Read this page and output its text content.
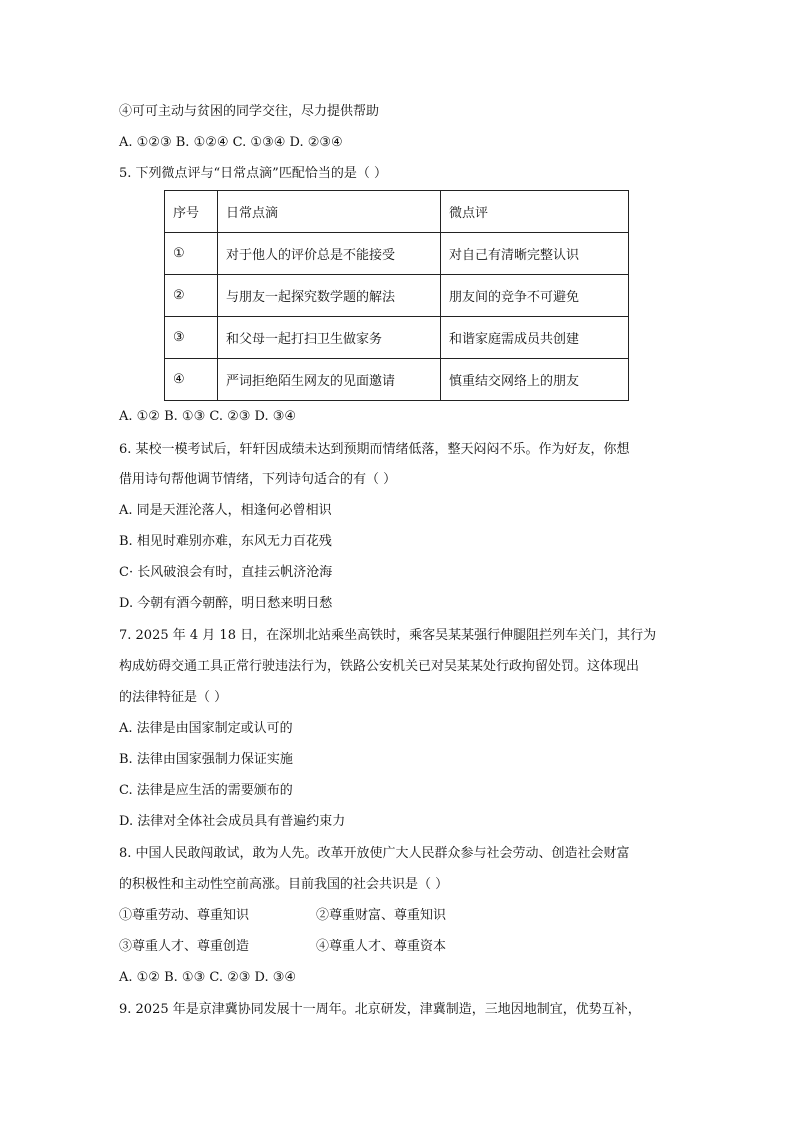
④可可主动与贫困的同学交往，尽力提供帮助
A. ①②③ B. ①②④ C. ①③④ D. ②③④
5. 下列微点评与“日常点滴”匹配恰当的是（ ）
序号	日常点滴	微点评
①	对于他人的评价总是不能接受	对自己有清晰完整认识
②	与朋友一起探究数学题的解法	朋友间的竞争不可避免
③	和父母一起打扫卫生做家务	和谐家庭需成员共创建
④	严词拒绝陌生网友的见面邀请	慎重结交网络上的朋友
A. ①② B. ①③ C. ②③ D. ③④
6. 某校一模考试后，轩轩因成绩未达到预期而情绪低落，整天闷闷不乐。作为好友，你想
借用诗句帮他调节情绪，下列诗句适合的有（ ）
A. 同是天涯沦落人，相逢何必曾相识
B. 相见时难别亦难，东风无力百花残
C· 长风破浪会有时，直挂云帆济沧海
D. 今朝有酒今朝醉，明日愁来明日愁
7. 2025 年 4 月 18 日，在深圳北站乘坐高铁时，乘客吴某某强行伸腿阻拦列车关门，其行为
构成妨碍交通工具正常行驶违法行为，铁路公安机关已对吴某某处行政拘留处罚。这体现出
的法律特征是（ ）
A. 法律是由国家制定或认可的
B. 法律由国家强制力保证实施
C. 法律是应生活的需要颁布的
D. 法律对全体社会成员具有普遍约束力
8. 中国人民敢闯敢试，敢为人先。改革开放使广大人民群众参与社会劳动、创造社会财富
的积极性和主动性空前高涨。目前我国的社会共识是（ ）
①尊重劳动、尊重知识	②尊重财富、尊重知识
③尊重人才、尊重创造	④尊重人才、尊重资本
A. ①② B. ①③ C. ②③ D. ③④
9. 2025 年是京津冀协同发展十一周年。北京研发，津冀制造，三地因地制宜，优势互补，
